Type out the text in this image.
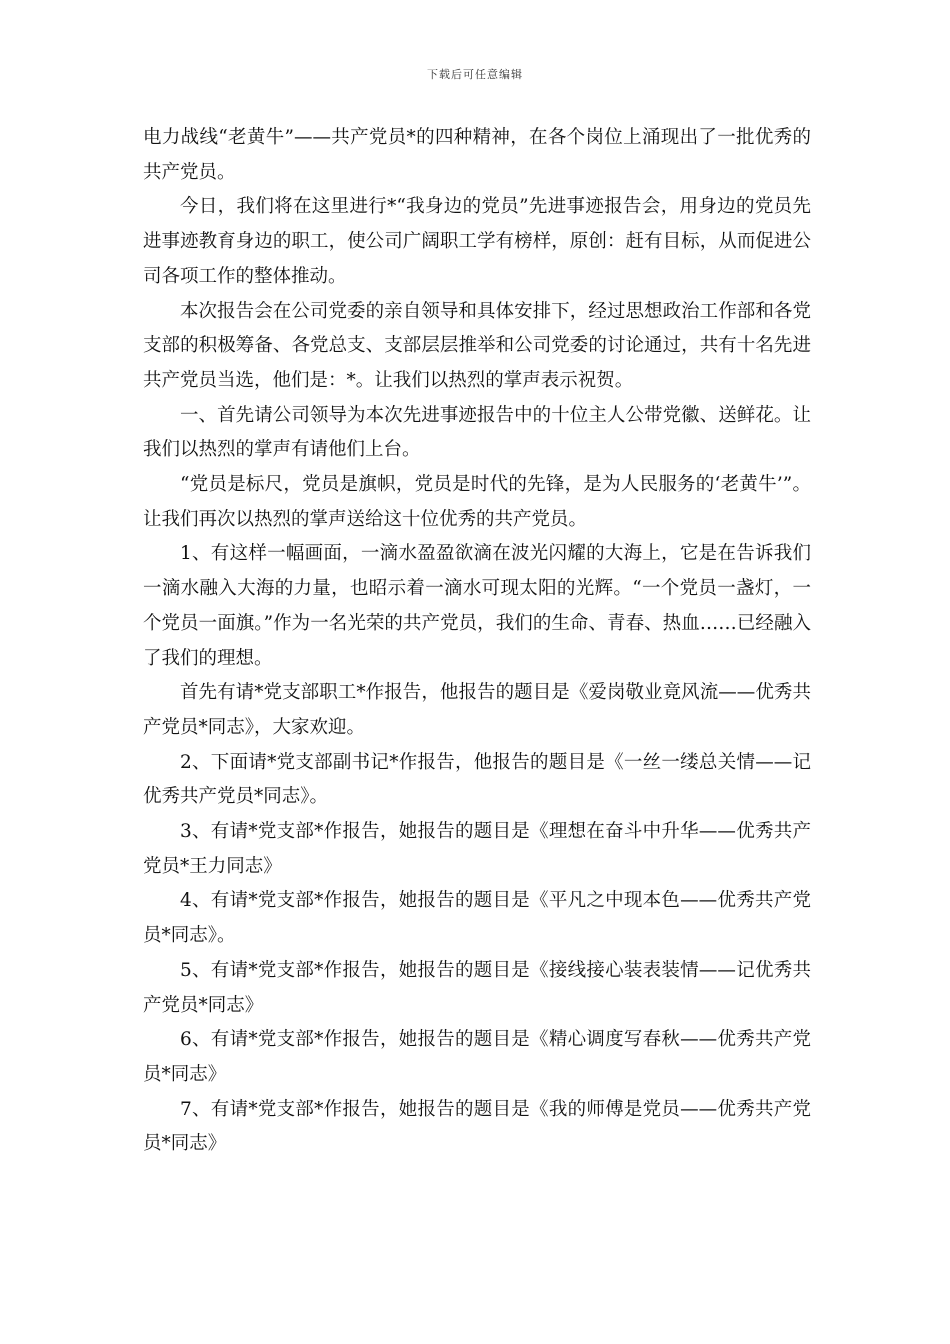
下载后可任意编辑

电力战线“老黄牛”——共产党员*的四种精神，在各个岗位上涌现出了一批优秀的共产党员。

今日，我们将在这里进行*“我身边的党员”先进事迹报告会，用身边的党员先进事迹教育身边的职工，使公司广阔职工学有榜样，原创：赶有目标，从而促进公司各项工作的整体推动。

本次报告会在公司党委的亲自领导和具体安排下，经过思想政治工作部和各党支部的积极筹备、各党总支、支部层层推举和公司党委的讨论通过，共有十名先进共产党员当选，他们是：*。让我们以热烈的掌声表示祝贺。

一、首先请公司领导为本次先进事迹报告中的十位主人公带党徽、送鲜花。让我们以热烈的掌声有请他们上台。

“党员是标尺，党员是旗帜，党员是时代的先锋，是为人民服务的‘老黄牛’”。让我们再次以热烈的掌声送给这十位优秀的共产党员。

1、有这样一幅画面，一滴水盈盈欲滴在波光闪耀的大海上，它是在告诉我们一滴水融入大海的力量，也昭示着一滴水可现太阳的光辉。“一个党员一盏灯，一个党员一面旗。”作为一名光荣的共产党员，我们的生命、青春、热血……已经融入了我们的理想。

首先有请*党支部职工*作报告，他报告的题目是《爱岗敬业竟风流——优秀共产党员*同志》，大家欢迎。

2、下面请*党支部副书记*作报告，他报告的题目是《一丝一缕总关情——记优秀共产党员*同志》。

3、有请*党支部*作报告，她报告的题目是《理想在奋斗中升华——优秀共产党员*王力同志》

4、有请*党支部*作报告，她报告的题目是《平凡之中现本色——优秀共产党员*同志》。

5、有请*党支部*作报告，她报告的题目是《接线接心装表装情——记优秀共产党员*同志》

6、有请*党支部*作报告，她报告的题目是《精心调度写春秋——优秀共产党员*同志》

7、有请*党支部*作报告，她报告的题目是《我的师傅是党员——优秀共产党员*同志》
